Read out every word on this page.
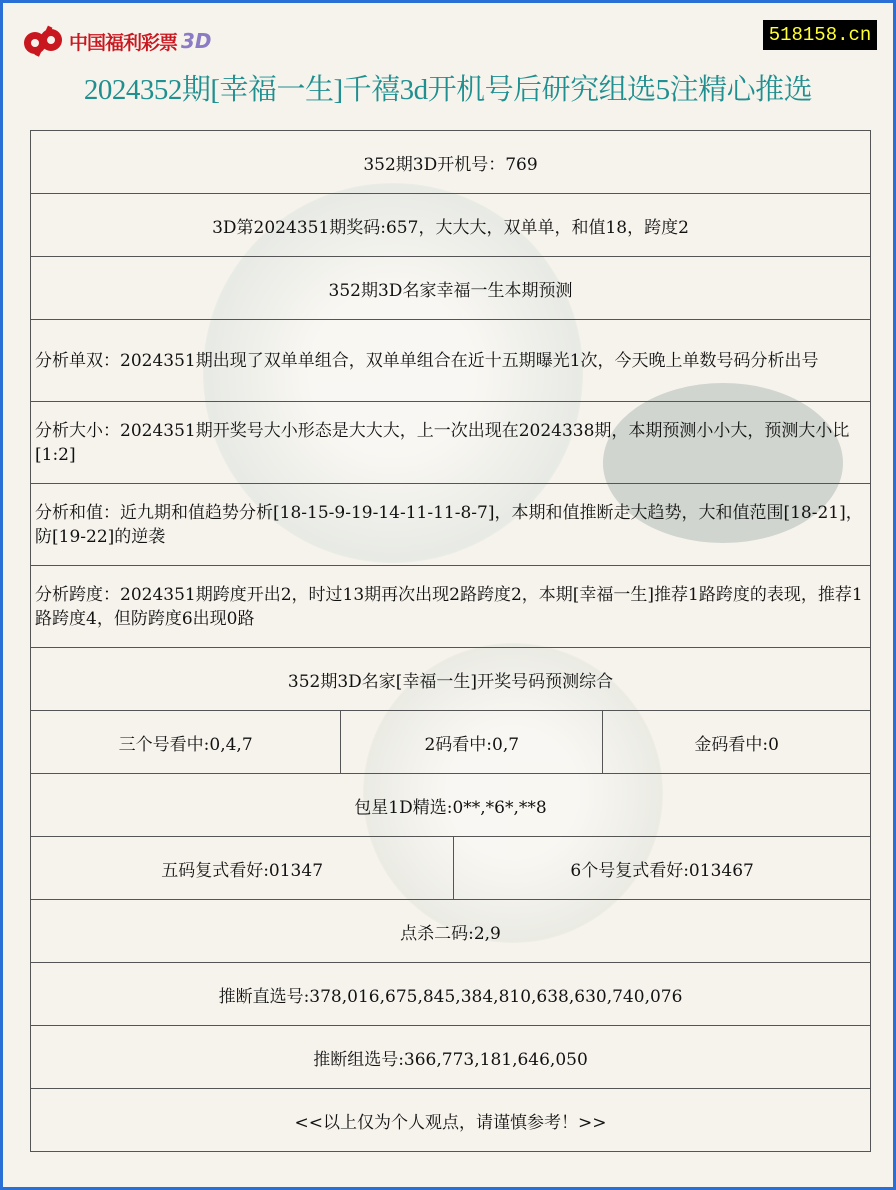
中国福利彩票 3D	518158.cn
2024352期[幸福一生]千禧3d开机号后研究组选5注精心推选
352期3D开机号：769			
3D第2024351期奖码:657，大大大，双单单，和值18，跨度2			
352期3D名家幸福一生本期预测			
分析单双：2024351期出现了双单单组合，双单单组合在近十五期曝光1次，今天晚上单数号码分析出号			
分析大小：2024351期开奖号大小形态是大大大，上一次出现在2024338期，本期预测小小大，预测大小比[1:2]			
分析和值：近九期和值趋势分析[18-15-9-19-14-11-11-8-7]，本期和值推断走大趋势，大和值范围[18-21]，防[19-22]的逆袭			
分析跨度：2024351期跨度开出2，时过13期再次出现2路跨度2，本期[幸福一生]推荐1路跨度的表现，推荐1路跨度4，但防跨度6出现0路			
352期3D名家[幸福一生]开奖号码预测综合			
三个号看中:0,4,7	2码看中:0,7		金码看中:0
包星1D精选:0**,*6*,**8			
五码复式看好:01347		6个号复式看好:013467	
点杀二码:2,9			
推断直选号:378,016,675,845,384,810,638,630,740,076			
推断组选号:366,773,181,646,050			
<<以上仅为个人观点，请谨慎参考！>>			
